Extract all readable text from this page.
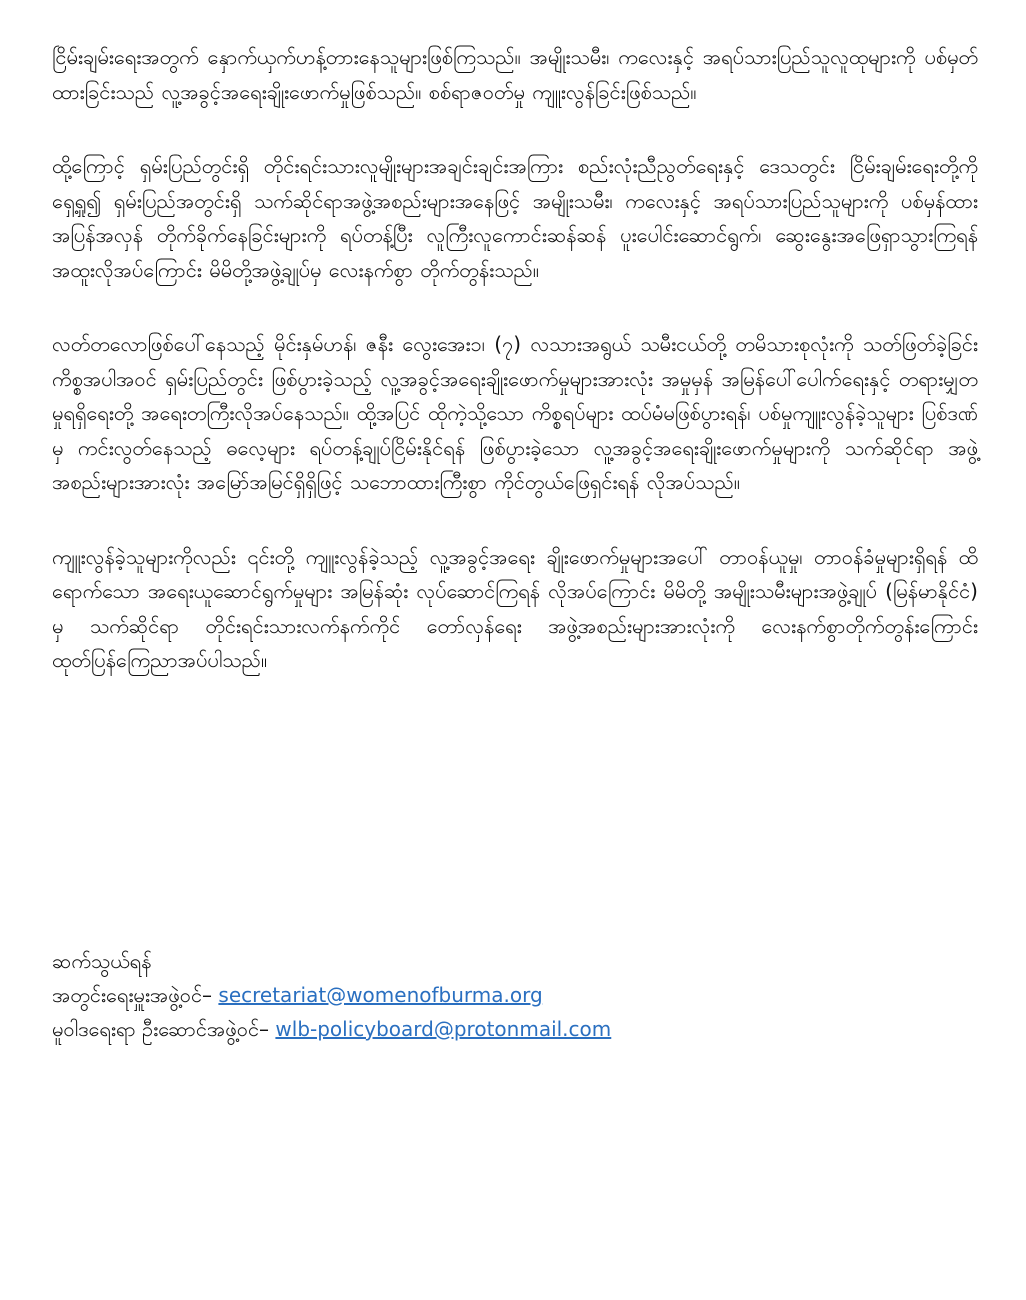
ငြိမ်းချမ်းရေးအတွက် နှောက်ယှက်ဟန့်တားနေသူများဖြစ်ကြသည်။ အမျိုးသမီး၊ ကလေးနှင့် အရပ်သားပြည်သူလူထုများကို ပစ်မှတ်ထားခြင်းသည် လူ့အခွင့်အရေးချိုးဖောက်မှုဖြစ်သည်။ စစ်ရာဇဝတ်မှု ကျူးလွန်ခြင်းဖြစ်သည်။

ထို့ကြောင့် ရှမ်းပြည်တွင်းရှိ တိုင်းရင်းသားလူမျိုးများအချင်းချင်းအကြား စည်းလုံးညီညွတ်ရေးနှင့် ဒေသတွင်း ငြိမ်းချမ်းရေးတို့ကို ရှေ့ရှု၍ ရှမ်းပြည်အတွင်းရှိ သက်ဆိုင်ရာအဖွဲ့အစည်းများအနေဖြင့် အမျိုးသမီး၊ ကလေးနှင့် အရပ်သားပြည်သူများကို ပစ်မှန်ထား အပြန်အလှန် တိုက်ခိုက်နေခြင်းများကို ရပ်တန့်ပြီး လူကြီးလူကောင်းဆန်ဆန် ပူးပေါင်းဆောင်ရွက်၊ ဆွေးနွေးအဖြေရှာသွားကြရန် အထူးလိုအပ်ကြောင်း မိမိတို့အဖွဲ့ချုပ်မှ လေးနက်စွာ တိုက်တွန်းသည်။

လတ်တလောဖြစ်ပေါ်နေသည့် မိုင်းနှမ်ဟန်၊ ဇနီး လွေးအေး၁၊ (၇) လသားအရွယ် သမီးငယ်တို့ တမိသားစုလုံးကို သတ်ဖြတ်ခဲ့ခြင်းကိစ္စအပါအဝင် ရှမ်းပြည်တွင်း ဖြစ်ပွားခဲ့သည့် လူ့အခွင့်အရေးချိုးဖောက်မှုများအားလုံး အမှုမှန် အမြန်ပေါ်ပေါက်ရေးနှင့် တရားမျှတမှုရရှိရေးတို့ အရေးတကြီးလိုအပ်နေသည်။ ထို့အပြင် ထိုကဲ့သို့သော ကိစ္စရပ်များ ထပ်မံမဖြစ်ပွားရန်၊ ပစ်မှုကျူးလွန်ခဲ့သူများ ပြစ်ဒဏ်မှ ကင်းလွတ်နေသည့် ဓလေ့များ ရပ်တန့်ချုပ်ငြိမ်းနိုင်ရန် ဖြစ်ပွားခဲ့သော လူ့အခွင့်အရေးချိုးဖောက်မှုများကို သက်ဆိုင်ရာ အဖွဲ့အစည်းများအားလုံး အမြော်အမြင်ရှိရှိဖြင့် သဘောထားကြီးစွာ ကိုင်တွယ်ဖြေရှင်းရန် လိုအပ်သည်။

ကျူးလွန်ခဲ့သူများကိုလည်း ၎င်းတို့ ကျူးလွန်ခဲ့သည့် လူ့အခွင့်အရေး ချိုးဖောက်မှုများအပေါ် တာဝန်ယူမှု၊ တာဝန်ခံမှုများရှိရန် ထိရောက်သော အရေးယူဆောင်ရွက်မှုများ အမြန်ဆုံး လုပ်ဆောင်ကြရန် လိုအပ်ကြောင်း မိမိတို့ အမျိုးသမီးများအဖွဲ့ချုပ် (မြန်မာနိုင်ငံ) မှ သက်ဆိုင်ရာ တိုင်းရင်းသားလက်နက်ကိုင် တော်လှန်ရေး အဖွဲ့အစည်းများအားလုံးကို လေးနက်စွာတိုက်တွန်းကြောင်း ထုတ်ပြန်ကြေညာအပ်ပါသည်။

ဆက်သွယ်ရန်
အတွင်းရေးမှူးအဖွဲ့ဝင်– secretariat@womenofburma.org
မူဝါဒရေးရာ ဦးဆောင်အဖွဲ့ဝင်– wlb-policyboard@protonmail.com
